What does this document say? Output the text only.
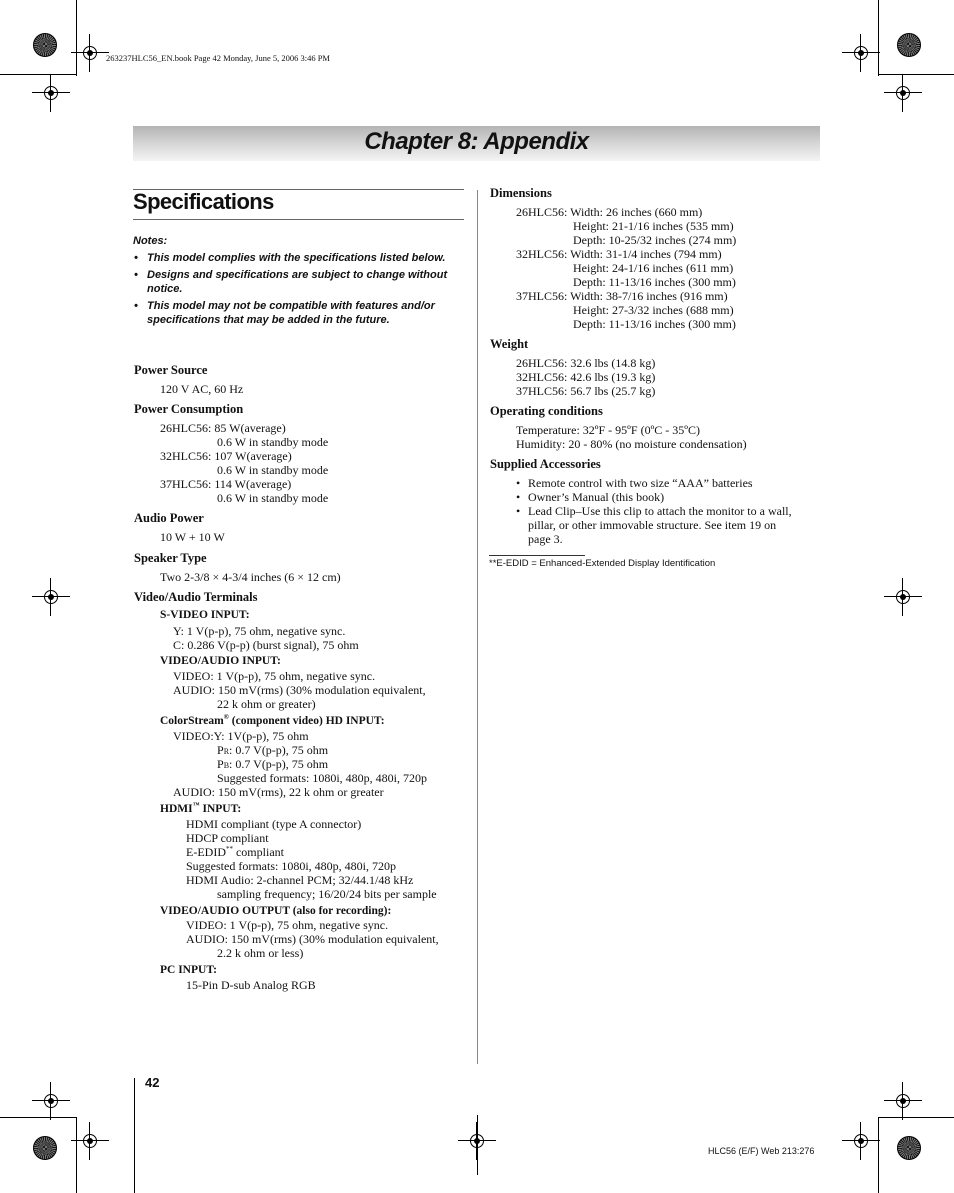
263237HLC56_EN.book Page 42 Monday, June 5, 2006 3:46 PM
Chapter 8: Appendix
Specifications
Notes:
• This model complies with the specifications listed below.
• Designs and specifications are subject to change without notice.
• This model may not be compatible with features and/or specifications that may be added in the future.
Power Source
120 V AC, 60 Hz
Power Consumption
26HLC56: 85 W(average)
0.6 W in standby mode
32HLC56: 107 W(average)
0.6 W in standby mode
37HLC56: 114 W(average)
0.6 W in standby mode
Audio Power
10 W + 10 W
Speaker Type
Two 2-3/8 × 4-3/4 inches (6 × 12 cm)
Video/Audio Terminals
S-VIDEO INPUT:
Y: 1 V(p-p), 75 ohm, negative sync.
C: 0.286 V(p-p) (burst signal), 75 ohm
VIDEO/AUDIO INPUT:
VIDEO: 1 V(p-p), 75 ohm, negative sync.
AUDIO: 150 mV(rms) (30% modulation equivalent,
22 k ohm or greater)
ColorStream® (component video) HD INPUT:
VIDEO:Y: 1V(p-p), 75 ohm
PR: 0.7 V(p-p), 75 ohm
PB: 0.7 V(p-p), 75 ohm
Suggested formats: 1080i, 480p, 480i, 720p
AUDIO: 150 mV(rms), 22 k ohm or greater
HDMI™ INPUT:
HDMI compliant (type A connector)
HDCP compliant
E-EDID** compliant
Suggested formats: 1080i, 480p, 480i, 720p
HDMI Audio: 2-channel PCM; 32/44.1/48 kHz
sampling frequency; 16/20/24 bits per sample
VIDEO/AUDIO OUTPUT (also for recording):
VIDEO: 1 V(p-p), 75 ohm, negative sync.
AUDIO: 150 mV(rms) (30% modulation equivalent,
2.2 k ohm or less)
PC INPUT:
15-Pin D-sub Analog RGB
Dimensions
26HLC56: Width: 26 inches (660 mm)
Height: 21-1/16 inches (535 mm)
Depth: 10-25/32 inches (274 mm)
32HLC56: Width: 31-1/4 inches (794 mm)
Height: 24-1/16 inches (611 mm)
Depth: 11-13/16 inches (300 mm)
37HLC56: Width: 38-7/16 inches (916 mm)
Height: 27-3/32 inches (688 mm)
Depth: 11-13/16 inches (300 mm)
Weight
26HLC56: 32.6 lbs (14.8 kg)
32HLC56: 42.6 lbs (19.3 kg)
37HLC56: 56.7 lbs (25.7 kg)
Operating conditions
Temperature: 32ºF - 95ºF (0ºC - 35ºC)
Humidity: 20 - 80% (no moisture condensation)
Supplied Accessories
• Remote control with two size “AAA” batteries
• Owner’s Manual (this book)
• Lead Clip–Use this clip to attach the monitor to a wall,
pillar, or other immovable structure. See item 19 on
page 3.
**E-EDID = Enhanced-Extended Display Identification
42
HLC56 (E/F) Web 213:276
